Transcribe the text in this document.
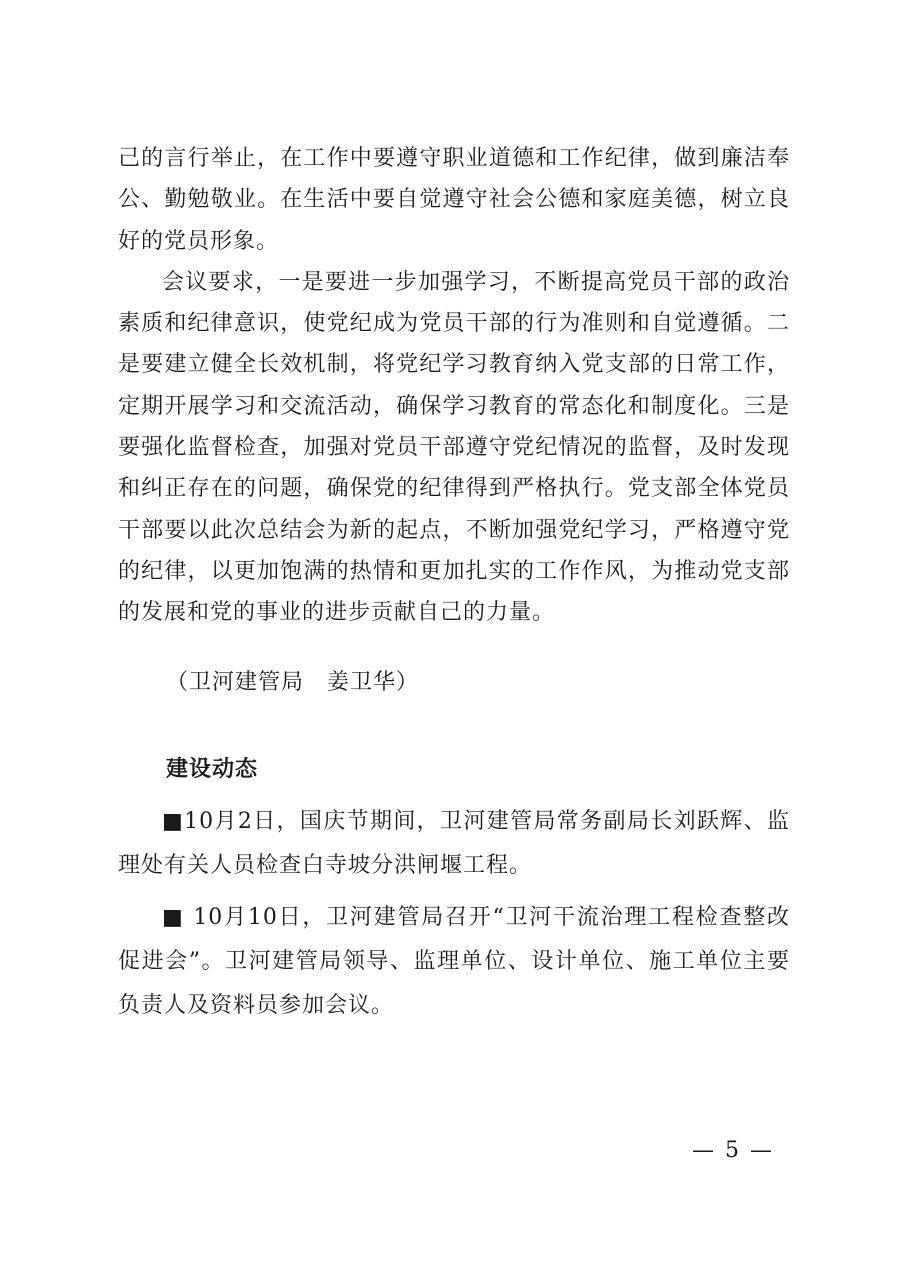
己的言行举止，在工作中要遵守职业道德和工作纪律，做到廉洁奉公、勤勉敬业。在生活中要自觉遵守社会公德和家庭美德，树立良好的党员形象。

会议要求，一是要进一步加强学习，不断提高党员干部的政治素质和纪律意识，使党纪成为党员干部的行为准则和自觉遵循。二是要建立健全长效机制，将党纪学习教育纳入党支部的日常工作，定期开展学习和交流活动，确保学习教育的常态化和制度化。三是要强化监督检查，加强对党员干部遵守党纪情况的监督，及时发现和纠正存在的问题，确保党的纪律得到严格执行。党支部全体党员干部要以此次总结会为新的起点，不断加强党纪学习，严格遵守党的纪律，以更加饱满的热情和更加扎实的工作作风，为推动党支部的发展和党的事业的进步贡献自己的力量。

（卫河建管局　姜卫华）
建设动态

■10月2日，国庆节期间，卫河建管局常务副局长刘跃辉、监理处有关人员检查白寺坡分洪闸堰工程。

■ 10月10日，卫河建管局召开“卫河干流治理工程检查整改促进会”。卫河建管局领导、监理单位、设计单位、施工单位主要负责人及资料员参加会议。

— 5 —
